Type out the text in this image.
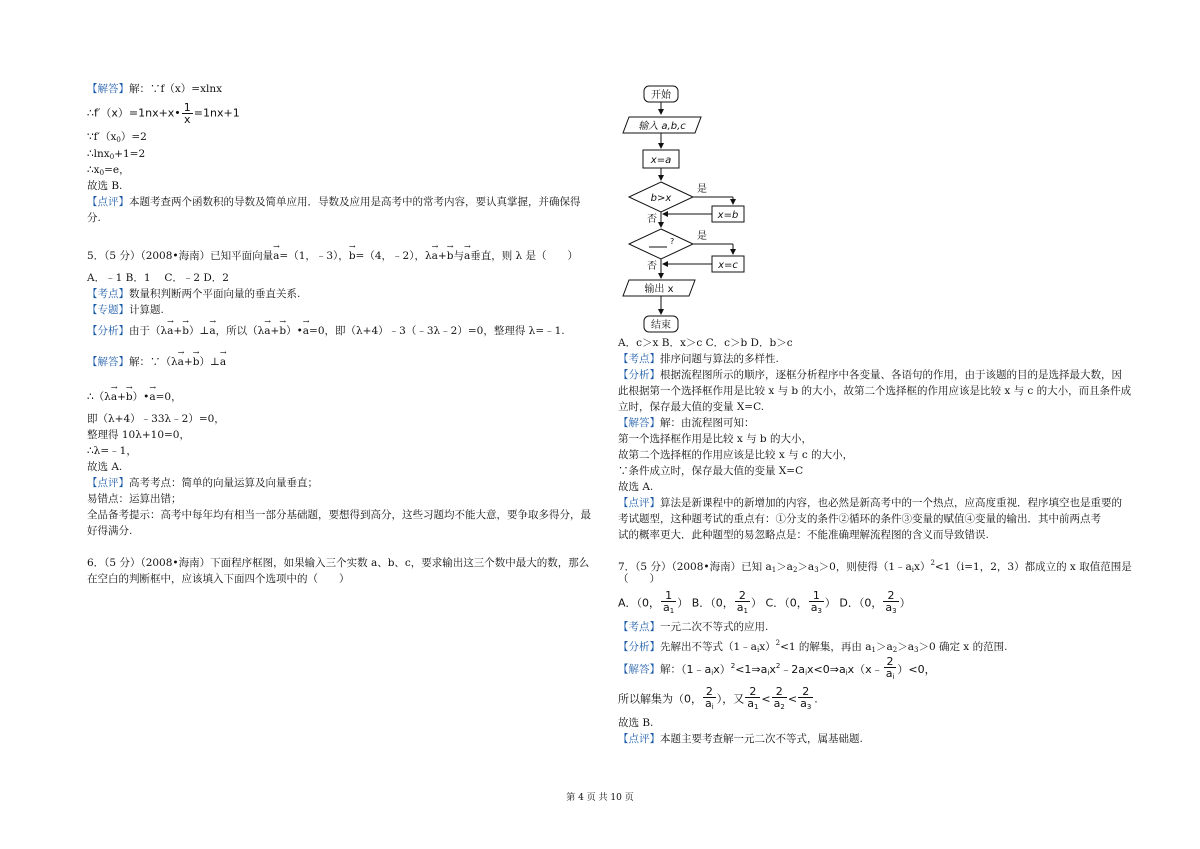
【解答】解：∵f（x）=xlnx
∴f′（x）=1nx+x• $\frac{1}{x} =1nx+1$
$\because f'(x_0)=2$
∴lnx$_0$+1=2
$\therefore x_0=e$，
故选 B.
【点评】本题考查两个函数积的导数及简单应用．导数及应用是高考中的常考内容，要认真掌握，并确保得
分.
5．（5 分）（2008•海南）已知平面向量→ a=（1，﹣3），→ b=（4，﹣2），λ→ a+→ b与→ a垂直，则 λ 是（　　）
A．﹣1 B．1　 C．﹣2 D．2
【考点】数量积判断两个平面向量的垂直关系.
【专题】计算题.
【分析】由于（λ→ a+→ b）⊥→ a，所以（λ→ a+→ b）•→ a=0，即（λ+4）﹣3（﹣3λ﹣2）=0，整理得 λ=﹣1.
【解答】解：∵（λ→ a+→ b）⊥→ a
∴（λ→ a+→ b）•→ a=0，
即（λ+4）﹣33λ﹣2）=0，
整理得 10λ+10=0，
∴λ=﹣1，
故选 A.
【点评】高考考点：简单的向量运算及向量垂直；
易错点：运算出错；
全品备考提示：高考中每年均有相当一部分基础题，要想得到高分，这些习题均不能大意，要争取多得分，最
好得满分.
6．（5 分）（2008•海南）下面程序框图，如果输入三个实数 a、b、c，要求输出这三个数中最大的数，那么
在空白的判断框中，应该填入下面四个选项中的（　　）
开始
输入 a,b,c
x=a
b>x
是
否	x=b
? 是
否	x=c
输出 x
结束
A．c＞x B．x＞c C．c＞b D．b＞c
【考点】排序问题与算法的多样性.
【分析】根据流程图所示的顺序，逐框分析程序中各变量、各语句的作用，由于该题的目的是选择最大数，因
此根据第一个选择框作用是比较 x 与 b 的大小，故第二个选择框的作用应该是比较 x 与 c 的大小，而且条件成
立时，保存最大值的变量 X=C.
【解答】解：由流程图可知：
第一个选择框作用是比较 x 与 b 的大小，
故第二个选择框的作用应该是比较 x 与 c 的大小，
∵条件成立时，保存最大值的变量 X=C
故选 A.
【点评】算法是新课程中的新增加的内容，也必然是新高考中的一个热点，应高度重视．程序填空也是重要的
考试题型，这种题考试的重点有：①分支的条件②循环的条件③变量的赋值④变量的输出．其中前两点考
试的概率更大．此种题型的易忽略点是：不能准确理解流程图的含义而导致错误.
7．（5 分）（2008•海南）已知 $a_1>a_2>a_3>0$，则使得$(1﹣a_ix)^2<1(i=1$，2，3）都成立的 x 取值范围是
（　　）
A．（0， $\frac{1}{a_1}$ ） B．（0， $\frac{2}{a_1}$ ） C．（0， $\frac{1}{a_3}$ ） D．（0， $\frac{2}{a_3}$ ）
【考点】一元二次不等式的应用.
【分析】先解出不等式$(1﹣a_ix)^2<1$ 的解集，再由 $a_1>a_2>a_3>0$ 确定 x 的范围.
【解答】解：$(1﹣a_ix)^2<1\Rightarrow a_ix^2﹣2a_ix<0\Rightarrow a_ix(x﹣ \frac{2}{a_i} )<0$，
所以解集为（0， $\frac{2}{a_i}$ ），又 $\frac{2}{a_1} < \frac{2}{a_2} < \frac{2}{a_3}$ .
故选 B.
【点评】本题主要考查解一元二次不等式，属基础题.
第 4 页 共 10 页
